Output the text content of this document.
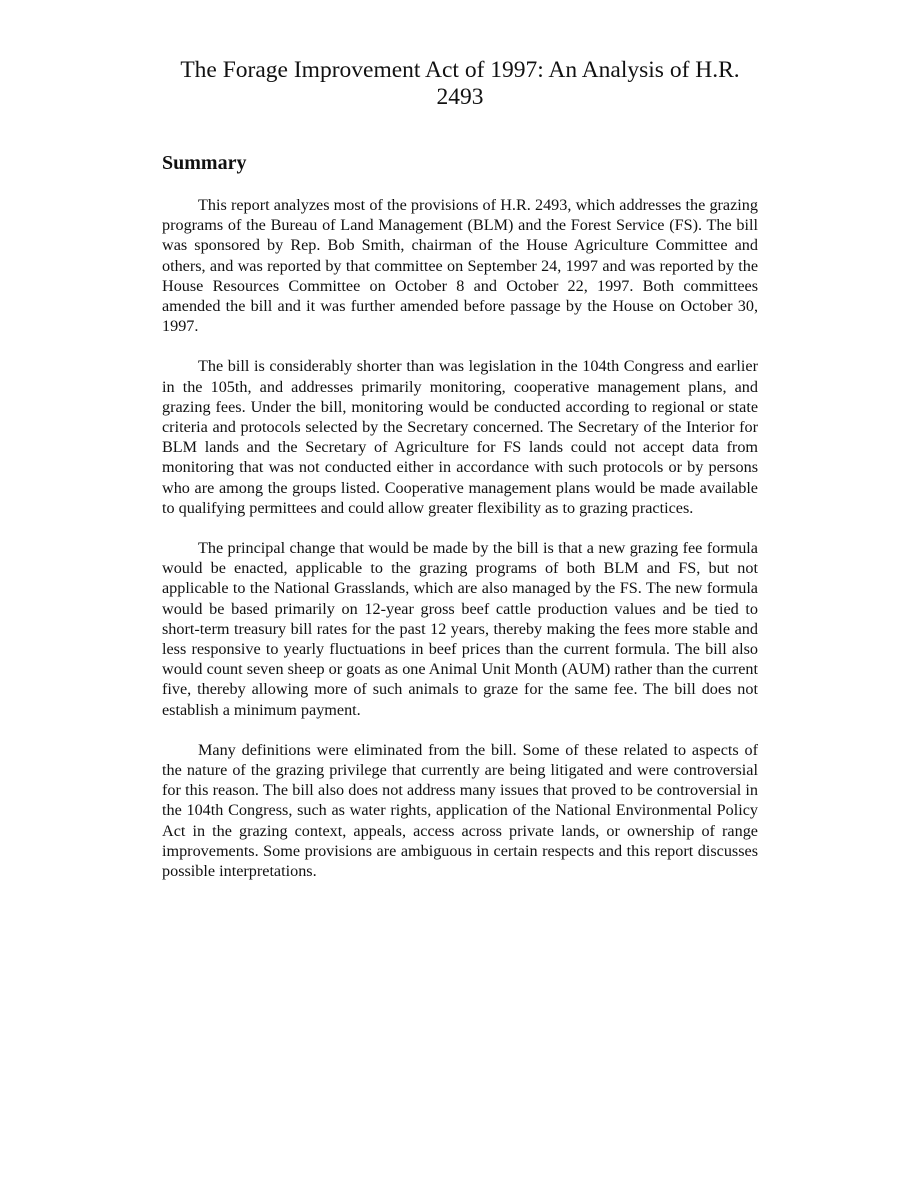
The Forage Improvement Act of 1997: An Analysis of H.R. 2493
Summary

This report analyzes most of the provisions of H.R. 2493, which addresses the grazing programs of the Bureau of Land Management (BLM) and the Forest Service (FS). The bill was sponsored by Rep. Bob Smith, chairman of the House Agriculture Committee and others, and was reported by that committee on September 24, 1997 and was reported by the House Resources Committee on October 8 and October 22, 1997. Both committees amended the bill and it was further amended before passage by the House on October 30, 1997.

The bill is considerably shorter than was legislation in the 104th Congress and earlier in the 105th, and addresses primarily monitoring, cooperative management plans, and grazing fees. Under the bill, monitoring would be conducted according to regional or state criteria and protocols selected by the Secretary concerned. The Secretary of the Interior for BLM lands and the Secretary of Agriculture for FS lands could not accept data from monitoring that was not conducted either in accordance with such protocols or by persons who are among the groups listed. Cooperative management plans would be made available to qualifying permittees and could allow greater flexibility as to grazing practices.

The principal change that would be made by the bill is that a new grazing fee formula would be enacted, applicable to the grazing programs of both BLM and FS, but not applicable to the National Grasslands, which are also managed by the FS. The new formula would be based primarily on 12-year gross beef cattle production values and be tied to short-term treasury bill rates for the past 12 years, thereby making the fees more stable and less responsive to yearly fluctuations in beef prices than the current formula. The bill also would count seven sheep or goats as one Animal Unit Month (AUM) rather than the current five, thereby allowing more of such animals to graze for the same fee. The bill does not establish a minimum payment.

Many definitions were eliminated from the bill. Some of these related to aspects of the nature of the grazing privilege that currently are being litigated and were controversial for this reason. The bill also does not address many issues that proved to be controversial in the 104th Congress, such as water rights, application of the National Environmental Policy Act in the grazing context, appeals, access across private lands, or ownership of range improvements. Some provisions are ambiguous in certain respects and this report discusses possible interpretations.
